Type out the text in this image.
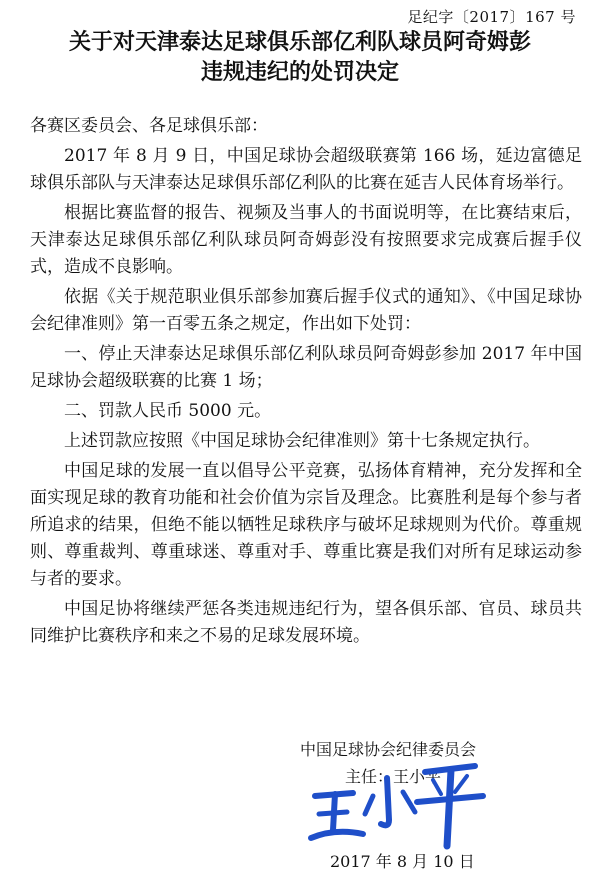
足纪字〔2017〕167 号
关于对天津泰达足球俱乐部亿利队球员阿奇姆彭
违规违纪的处罚决定

各赛区委员会、各足球俱乐部：

2017 年 8 月 9 日，中国足球协会超级联赛第 166 场，延边富德足球俱乐部队与天津泰达足球俱乐部亿利队的比赛在延吉人民体育场举行。

根据比赛监督的报告、视频及当事人的书面说明等，在比赛结束后，天津泰达足球俱乐部亿利队球员阿奇姆彭没有按照要求完成赛后握手仪式，造成不良影响。

依据《关于规范职业俱乐部参加赛后握手仪式的通知》、《中国足球协会纪律准则》第一百零五条之规定，作出如下处罚：

一、停止天津泰达足球俱乐部亿利队球员阿奇姆彭参加 2017 年中国足球协会超级联赛的比赛 1 场；

二、罚款人民币 5000 元。

上述罚款应按照《中国足球协会纪律准则》第十七条规定执行。

中国足球的发展一直以倡导公平竞赛，弘扬体育精神，充分发挥和全面实现足球的教育功能和社会价值为宗旨及理念。比赛胜利是每个参与者所追求的结果，但绝不能以牺牲足球秩序与破坏足球规则为代价。尊重规则、尊重裁判、尊重球迷、尊重对手、尊重比赛是我们对所有足球运动参与者的要求。

中国足协将继续严惩各类违规违纪行为，望各俱乐部、官员、球员共同维护比赛秩序和来之不易的足球发展环境。

中国足球协会纪律委员会
主任：王小平
2017 年 8 月 10 日
